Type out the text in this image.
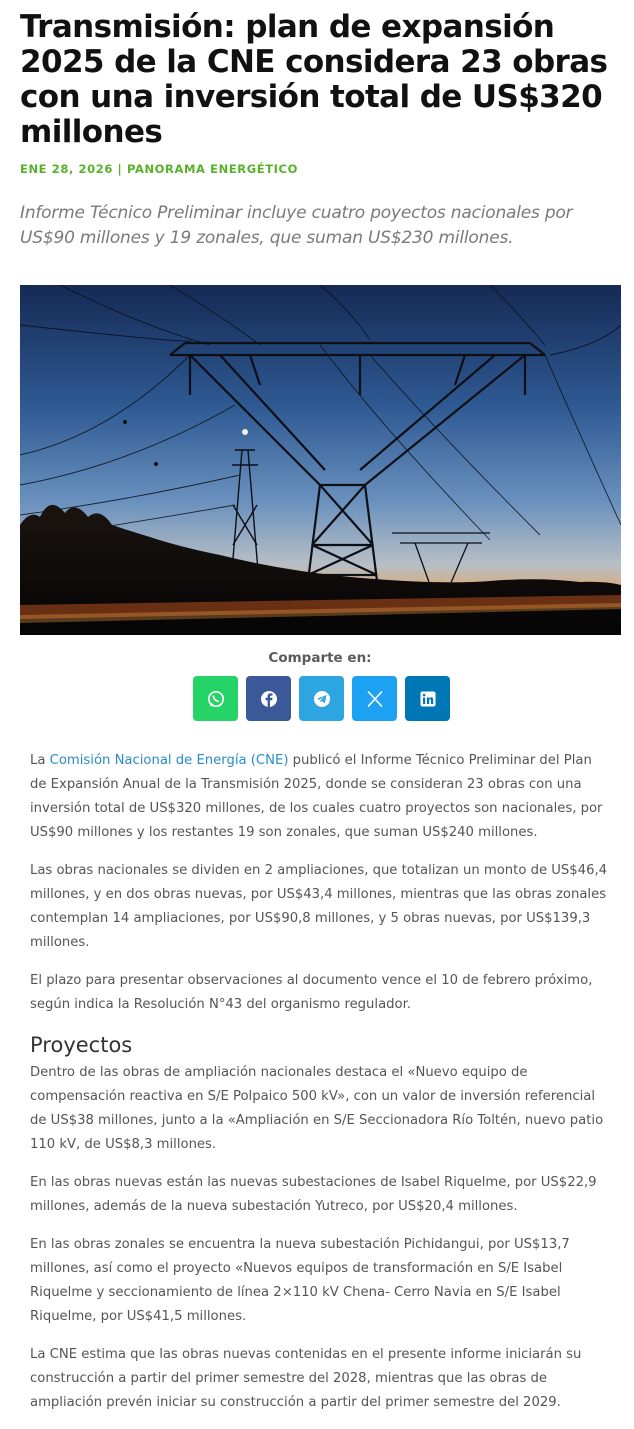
Transmisión: plan de expansión 2025 de la CNE considera 23 obras con una inversión total de US$320 millones
ENE 28, 2026 | PANORAMA ENERGÉTICO

Informe Técnico Preliminar incluye cuatro poyectos nacionales por US$90 millones y 19 zonales, que suman US$230 millones.

Comparte en:

La Comisión Nacional de Energía (CNE) publicó el Informe Técnico Preliminar del Plan de Expansión Anual de la Transmisión 2025, donde se consideran 23 obras con una inversión total de US$320 millones, de los cuales cuatro proyectos son nacionales, por US$90 millones y los restantes 19 son zonales, que suman US$240 millones.

Las obras nacionales se dividen en 2 ampliaciones, que totalizan un monto de US$46,4 millones, y en dos obras nuevas, por US$43,4 millones, mientras que las obras zonales contemplan 14 ampliaciones, por US$90,8 millones, y 5 obras nuevas, por US$139,3 millones.

El plazo para presentar observaciones al documento vence el 10 de febrero próximo, según indica la Resolución N°43 del organismo regulador.

Proyectos

Dentro de las obras de ampliación nacionales destaca el «Nuevo equipo de compensación reactiva en S/E Polpaico 500 kV», con un valor de inversión referencial de US$38 millones, junto a la «Ampliación en S/E Seccionadora Río Toltén, nuevo patio 110 kV, de US$8,3 millones.

En las obras nuevas están las nuevas subestaciones de Isabel Riquelme, por US$22,9 millones, además de la nueva subestación Yutreco, por US$20,4 millones.

En las obras zonales se encuentra la nueva subestación Pichidangui, por US$13,7 millones, así como el proyecto «Nuevos equipos de transformación en S/E Isabel Riquelme y seccionamiento de línea 2×110 kV Chena- Cerro Navia en S/E Isabel Riquelme, por US$41,5 millones.

La CNE estima que las obras nuevas contenidas en el presente informe iniciarán su construcción a partir del primer semestre del 2028, mientras que las obras de ampliación prevén iniciar su construcción a partir del primer semestre del 2029.
